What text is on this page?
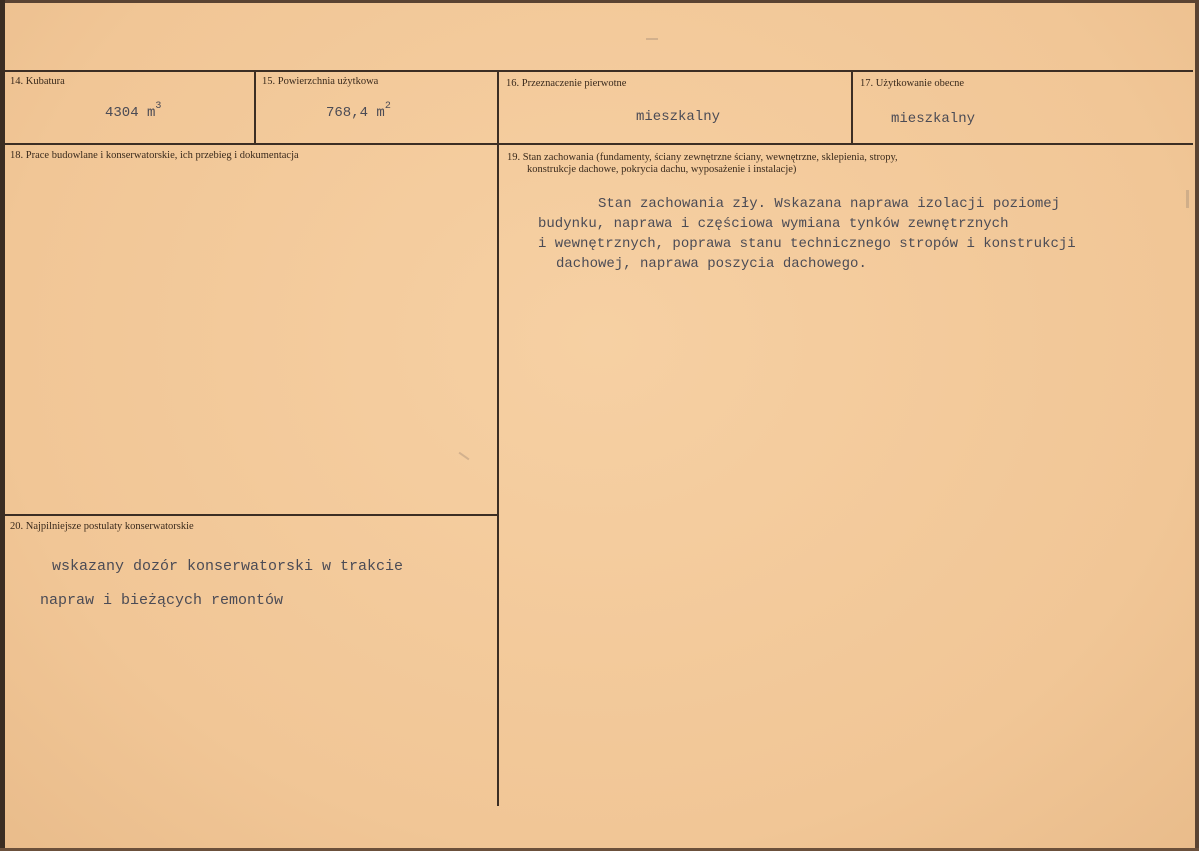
14. Kubatura
4304 $m^3$
15. Powierzchnia użytkowa
768,4 $m^2$
16. Przeznaczenie pierwotne
mieszkalny
17. Użytkowanie obecne
mieszkalny
18. Prace budowlane i konserwatorskie, ich przebieg i dokumentacja	19. Stan zachowania (fundamenty, ściany zewnętrzne ściany, wewnętrzne, sklepienia, stropy,
konstrukcje dachowe, pokrycia dachu, wyposażenie i instalacje)
Stan zachowania zły. Wskazana naprawa izolacji poziomej
budynku, naprawa i częściowa wymiana tynków zewnętrznych
i wewnętrznych, poprawa stanu technicznego stropów i konstrukcji
dachowej, naprawa poszycia dachowego.
20. Najpilniejsze postulaty konserwatorskie
wskazany dozór konserwatorski w trakcie
napraw i bieżących remontów
